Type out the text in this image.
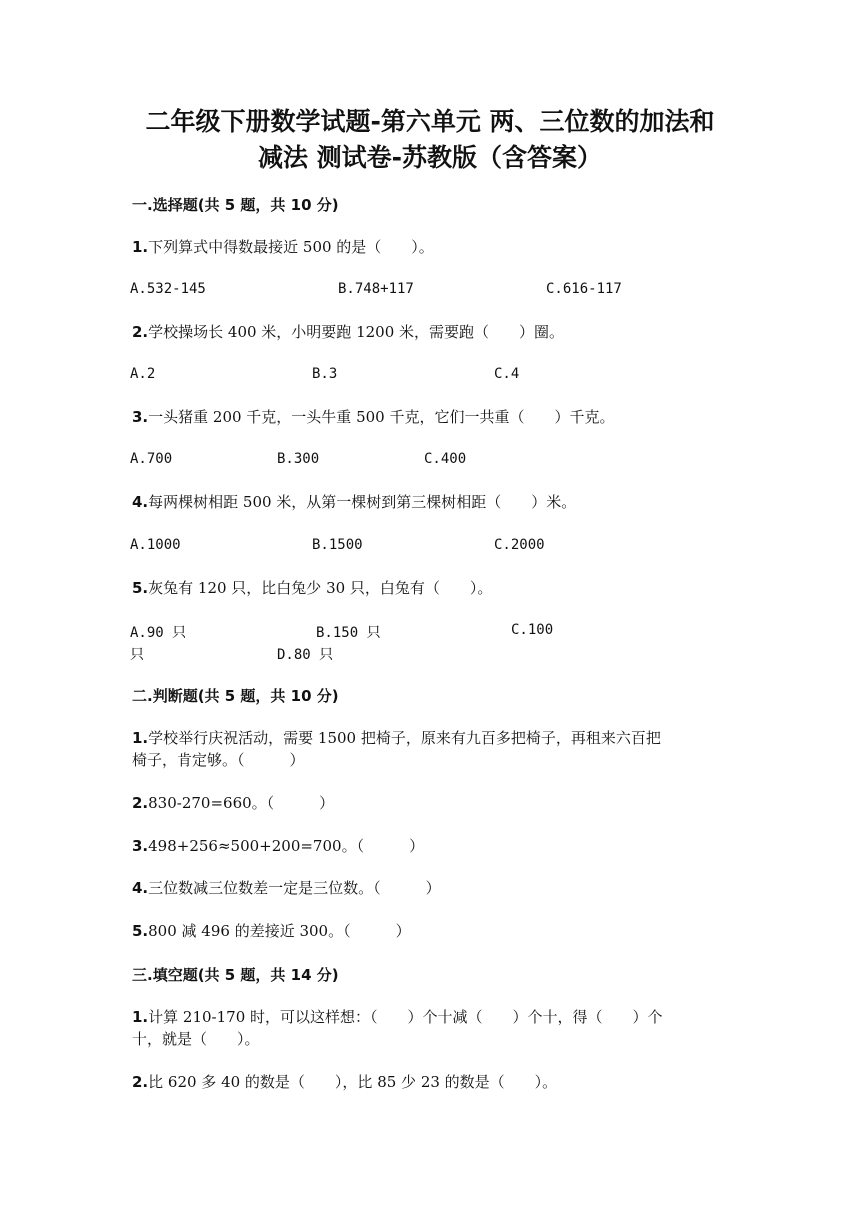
二年级下册数学试题-第六单元 两、三位数的加法和
减法 测试卷-苏教版（含答案）
一.选择题(共 5 题，共 10 分)
1.下列算式中得数最接近 500 的是（　　）。
A.532-145	B.748+117	C.616-117
2.学校操场长 400 米，小明要跑 1200 米，需要跑（　　）圈。
A.2	B.3	C.4
3.一头猪重 200 千克，一头牛重 500 千克，它们一共重（　　）千克。
A.700	B.300	C.400
4.每两棵树相距 500 米，从第一棵树到第三棵树相距（　　）米。
A.1000	B.1500	C.2000
5.灰兔有 120 只，比白兔少 30 只，白兔有（　　）。
A.90 只	B.150 只	C.100
只	D.80 只
二.判断题(共 5 题，共 10 分)
1.学校举行庆祝活动，需要 1500 把椅子，原来有九百多把椅子，再租来六百把
椅子，肯定够。（　　　）
2.830-270=660。（　　　）
3.498+256≈500+200=700。（　　　）
4.三位数减三位数差一定是三位数。（　　　）
5.800 减 496 的差接近 300。（　　　）
三.填空题(共 5 题，共 14 分)
1.计算 210-170 时，可以这样想：（　　）个十减（　　）个十，得（　　）个
十，就是（　　）。
2.比 620 多 40 的数是（　　），比 85 少 23 的数是（　　）。
